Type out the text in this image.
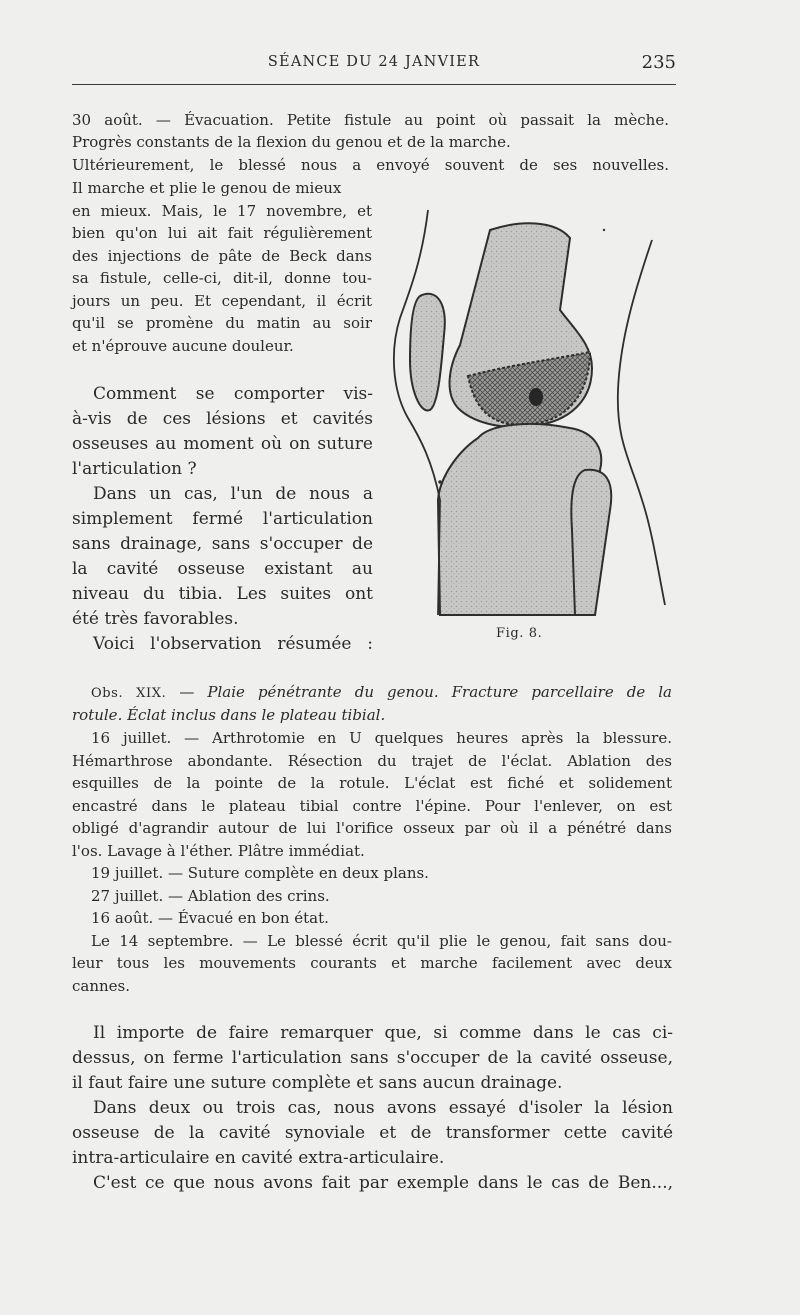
SÉANCE DU 24 JANVIER	235

30 août. — Évacuation. Petite fistule au point où passait la mèche.

Progrès constants de la flexion du genou et de la marche.

Ultérieurement, le blessé nous a envoyé souvent de ses nouvelles.

Il marche et plie le genou de mieux

en mieux. Mais, le 17 novembre, et

bien qu'on lui ait fait régulièrement

des injections de pâte de Beck dans

sa fistule, celle-ci, dit-il, donne tou-

jours un peu. Et cependant, il écrit

qu'il se promène du matin au soir

et n'éprouve aucune douleur.

Comment se comporter vis-

à-vis de ces lésions et cavités

osseuses au moment où on suture

l'articulation ?

Dans un cas, l'un de nous a

simplement fermé l'articulation

sans drainage, sans s'occuper de

la cavité osseuse existant au

niveau du tibia. Les suites ont

été très favorables.

Voici l'observation résumée :

Fig. 8.

Obs. XIX. — Plaie pénétrante du genou. Fracture parcellaire de la

rotule. Éclat inclus dans le plateau tibial.

16 juillet. — Arthrotomie en U quelques heures après la blessure.

Hémarthrose abondante. Résection du trajet de l'éclat. Ablation des

esquilles de la pointe de la rotule. L'éclat est fiché et solidement

encastré dans le plateau tibial contre l'épine. Pour l'enlever, on est

obligé d'agrandir autour de lui l'orifice osseux par où il a pénétré dans

l'os. Lavage à l'éther. Plâtre immédiat.

19 juillet. — Suture complète en deux plans.

27 juillet. — Ablation des crins.

16 août. — Évacué en bon état.

Le 14 septembre. — Le blessé écrit qu'il plie le genou, fait sans dou-

leur tous les mouvements courants et marche facilement avec deux

cannes.

Il importe de faire remarquer que, si comme dans le cas ci-

dessus, on ferme l'articulation sans s'occuper de la cavité osseuse,

il faut faire une suture complète et sans aucun drainage.

Dans deux ou trois cas, nous avons essayé d'isoler la lésion

osseuse de la cavité synoviale et de transformer cette cavité

intra-articulaire en cavité extra-articulaire.

C'est ce que nous avons fait par exemple dans le cas de Ben...,
